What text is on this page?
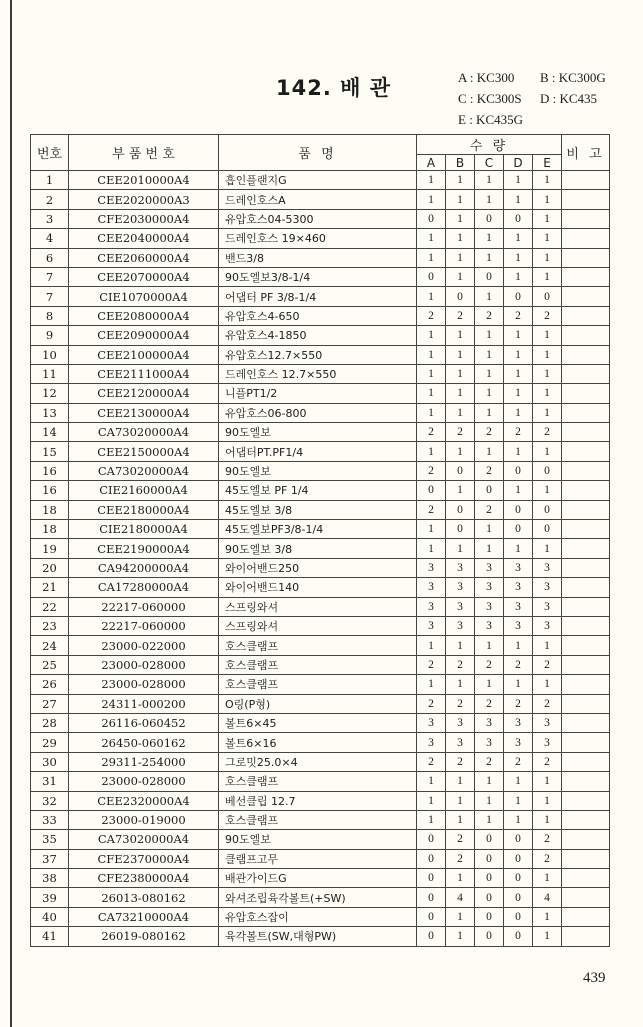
142. 배 관	A : KC300 B : KC300G
C : KC300S D : KC435
E : KC435G
번호	부 품 번 호	품 명	수 량					비 고
			A	B	C	D	E	
1	CEE2010000A4	흡인플랜지G	1	1	1	1	1	
2	CEE2020000A3	드레인호스A	1	1	1	1	1	
3	CFE2030000A4	유압호스04-5300	0	1	0	0	1	
4	CEE2040000A4	드레인호스 19×460	1	1	1	1	1	
6	CEE2060000A4	밴드3/8	1	1	1	1	1	
7	CEE2070000A4	90도엘보3/8-1/4	0	1	0	1	1	
7	CIE1070000A4	어댑터 PF 3/8-1/4	1	0	1	0	0	
8	CEE2080000A4	유압호스4-650	2	2	2	2	2	
9	CEE2090000A4	유압호스4-1850	1	1	1	1	1	
10	CEE2100000A4	유압호스12.7×550	1	1	1	1	1	
11	CEE2111000A4	드레인호스 12.7×550	1	1	1	1	1	
12	CEE2120000A4	니플PT1/2	1	1	1	1	1	
13	CEE2130000A4	유압호스06-800	1	1	1	1	1	
14	CA73020000A4	90도엘보	2	2	2	2	2	
15	CEE2150000A4	어댑터PT.PF1/4	1	1	1	1	1	
16	CA73020000A4	90도엘보	2	0	2	0	0	
16	CIE2160000A4	45도엘보 PF 1/4	0	1	0	1	1	
18	CEE2180000A4	45도엘보 3/8	2	0	2	0	0	
18	CIE2180000A4	45도엘보PF3/8-1/4	1	0	1	0	0	
19	CEE2190000A4	90도엘보 3/8	1	1	1	1	1	
20	CA94200000A4	와이어밴드250	3	3	3	3	3	
21	CA17280000A4	와이어밴드140	3	3	3	3	3	
22	22217-060000	스프링와셔	3	3	3	3	3	
23	22217-060000	스프링와셔	3	3	3	3	3	
24	23000-022000	호스클램프	1	1	1	1	1	
25	23000-028000	호스클램프	2	2	2	2	2	
26	23000-028000	호스클램프	1	1	1	1	1	
27	24311-000200	O링(P형)	2	2	2	2	2	
28	26116-060452	볼트6×45	3	3	3	3	3	
29	26450-060162	볼트6×16	3	3	3	3	3	
30	29311-254000	그로밋25.0×4	2	2	2	2	2	
31	23000-028000	호스클램프	1	1	1	1	1	
32	CEE2320000A4	베선클립 12.7	1	1	1	1	1	
33	23000-019000	호스클램프	1	1	1	1	1	
35	CA73020000A4	90도엘보	0	2	0	0	2	
37	CFE2370000A4	클램프고무	0	2	0	0	2	
38	CFE2380000A4	배관가이드G	0	1	0	0	1	
39	26013-080162	와셔조립육각볼트(+SW)	0	4	0	0	4	
40	CA73210000A4	유압호스잡이	0	1	0	0	1	
41	26019-080162	육각볼트(SW,대형PW)	0	1	0	0	1	
439
